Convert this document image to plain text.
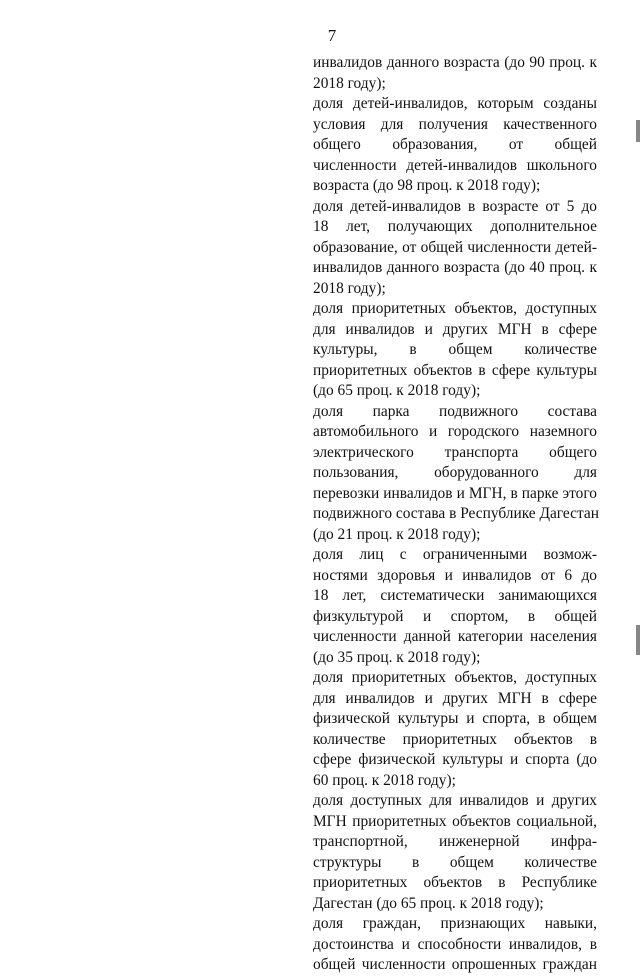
7
инвалидов данного возраста (до 90 проц. к
2018 году);
доля детей-инвалидов, которым созданы
условия для получения качественного
общего образования, от общей
численности детей-инвалидов школьного
возраста (до 98 проц. к 2018 году);
доля детей-инвалидов в возрасте от 5 до
18 лет, получающих дополнительное
образование, от общей численности детей-
инвалидов данного возраста (до 40 проц. к
2018 году);
доля приоритетных объектов, доступных
для инвалидов и других МГН в сфере
культуры, в общем количестве
приоритетных объектов в сфере культуры
(до 65 проц. к 2018 году);
доля парка подвижного состава
автомобильного и городского наземного
электрического транспорта общего
пользования, оборудованного для
перевозки инвалидов и МГН, в парке этого
подвижного состава в Республике Дагестан
(до 21 проц. к 2018 году);
доля лиц с ограниченными возмож-
ностями здоровья и инвалидов от 6 до
18 лет, систематически занимающихся
физкультурой и спортом, в общей
численности данной категории населения
(до 35 проц. к 2018 году);
доля приоритетных объектов, доступных
для инвалидов и других МГН в сфере
физической культуры и спорта, в общем
количестве приоритетных объектов в
сфере физической культуры и спорта (до
60 проц. к 2018 году);
доля доступных для инвалидов и других
МГН приоритетных объектов социальной,
транспортной, инженерной инфра-
структуры в общем количестве
приоритетных объектов в Республике
Дагестан (до 65 проц. к 2018 году);
доля граждан, признающих навыки,
достоинства и способности инвалидов, в
общей численности опрошенных граждан
